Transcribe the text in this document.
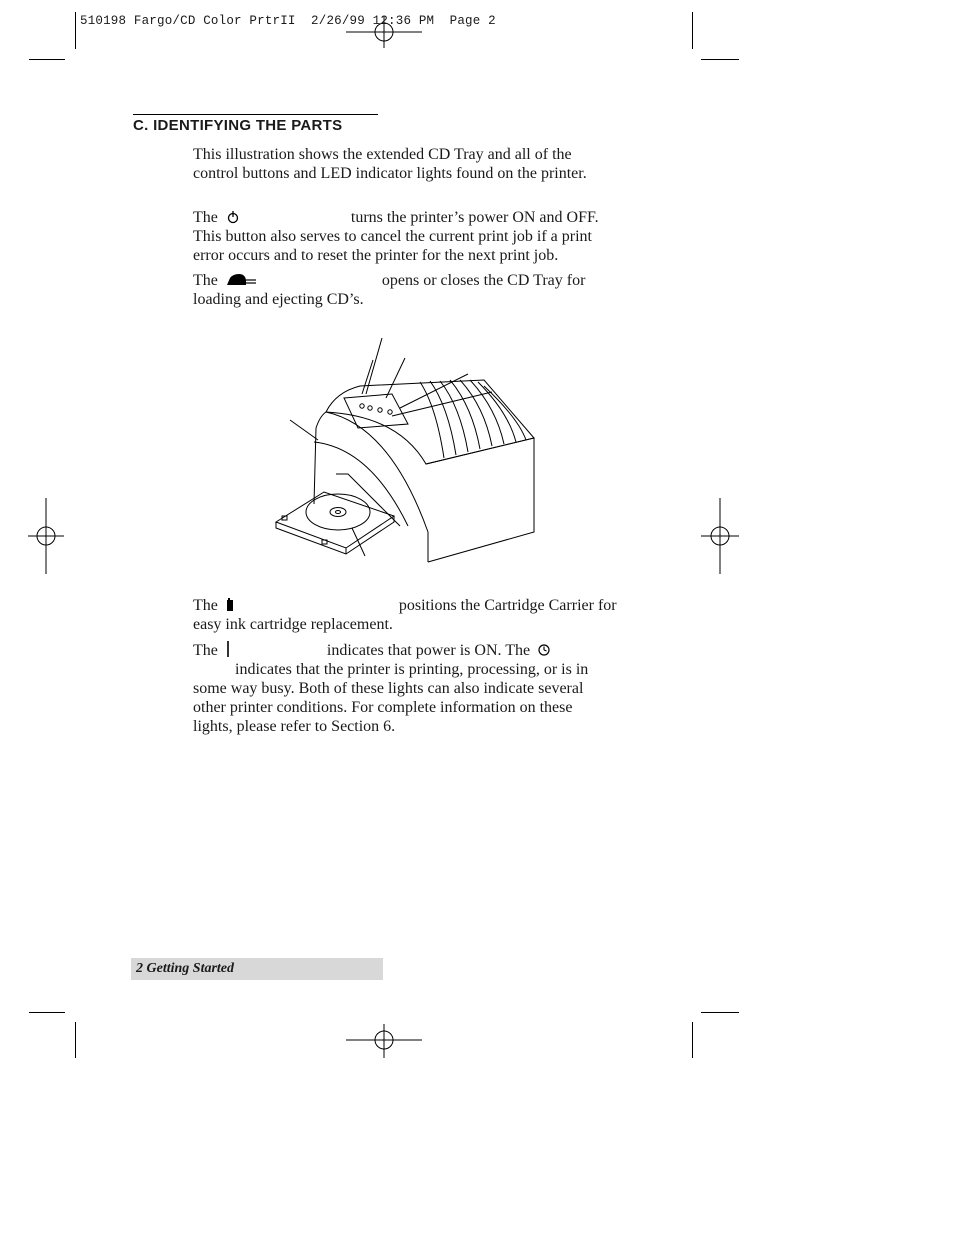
510198 Fargo/CD Color PrtrII  2/26/99 12:36 PM  Page 2
C. IDENTIFYING THE PARTS
This illustration shows the extended CD Tray and all of the
control buttons and LED indicator lights found on the printer.
The	turns the printer’s power ON and OFF.
This button also serves to cancel the current print job if a print
error occurs and to reset the printer for the next print job.
The	opens or closes the CD Tray for
loading and ejecting CD’s.
The	positions the Cartridge Carrier for
easy ink cartridge replacement.
The	indicates that power is ON. The
indicates that the printer is printing, processing, or is in
some way busy. Both of these lights can also indicate several
other printer conditions. For complete information on these
lights, please refer to Section 6.
2 Getting Started
